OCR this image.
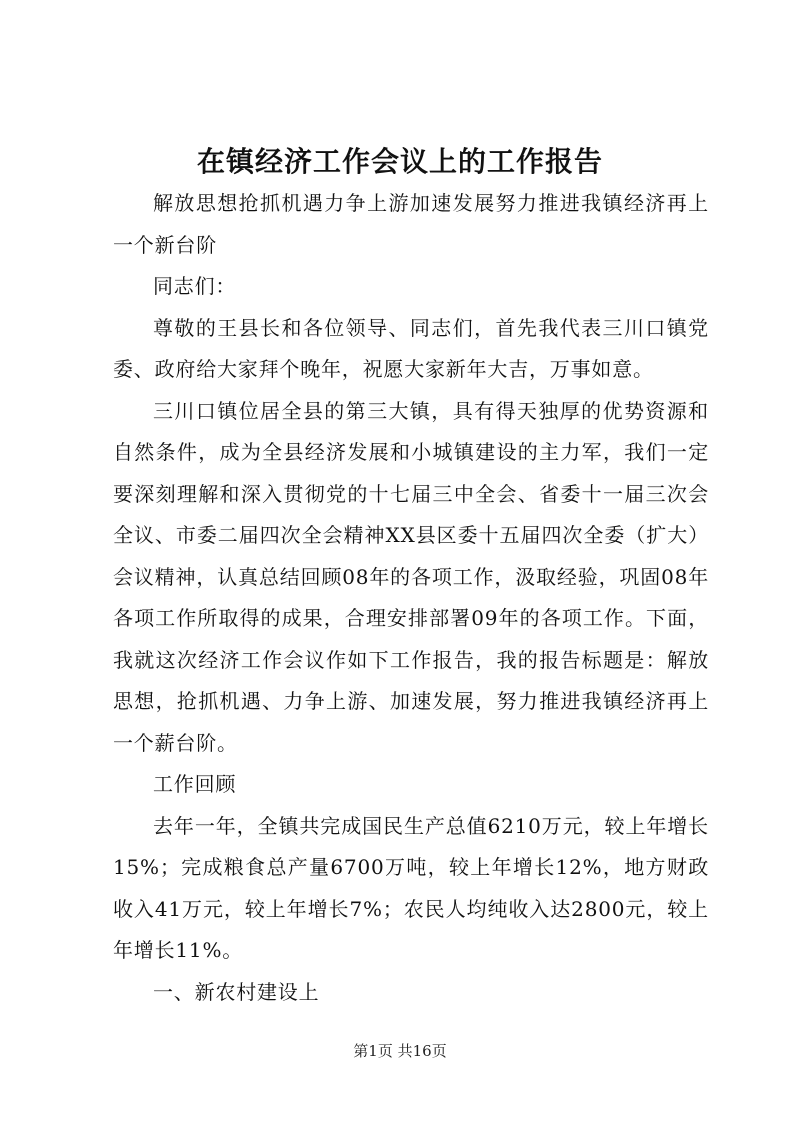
在镇经济工作会议上的工作报告

解放思想抢抓机遇力争上游加速发展努力推进我镇经济再上一个新台阶

同志们：

尊敬的王县长和各位领导、同志们，首先我代表三川口镇党委、政府给大家拜个晚年，祝愿大家新年大吉，万事如意。

三川口镇位居全县的第三大镇，具有得天独厚的优势资源和自然条件，成为全县经济发展和小城镇建设的主力军，我们一定要深刻理解和深入贯彻党的十七届三中全会、省委十一届三次会全议、市委二届四次全会精神XX县区委十五届四次全委（扩大）会议精神，认真总结回顾08年的各项工作，汲取经验，巩固08年各项工作所取得的成果，合理安排部署09年的各项工作。下面，我就这次经济工作会议作如下工作报告，我的报告标题是：解放思想，抢抓机遇、力争上游、加速发展，努力推进我镇经济再上一个薪台阶。

工作回顾

去年一年，全镇共完成国民生产总值6210万元，较上年增长15%；完成粮食总产量6700万吨，较上年增长12%，地方财政收入41万元，较上年增长7%；农民人均纯收入达2800元，较上年增长11%。

一、新农村建设上

第1页 共16页
